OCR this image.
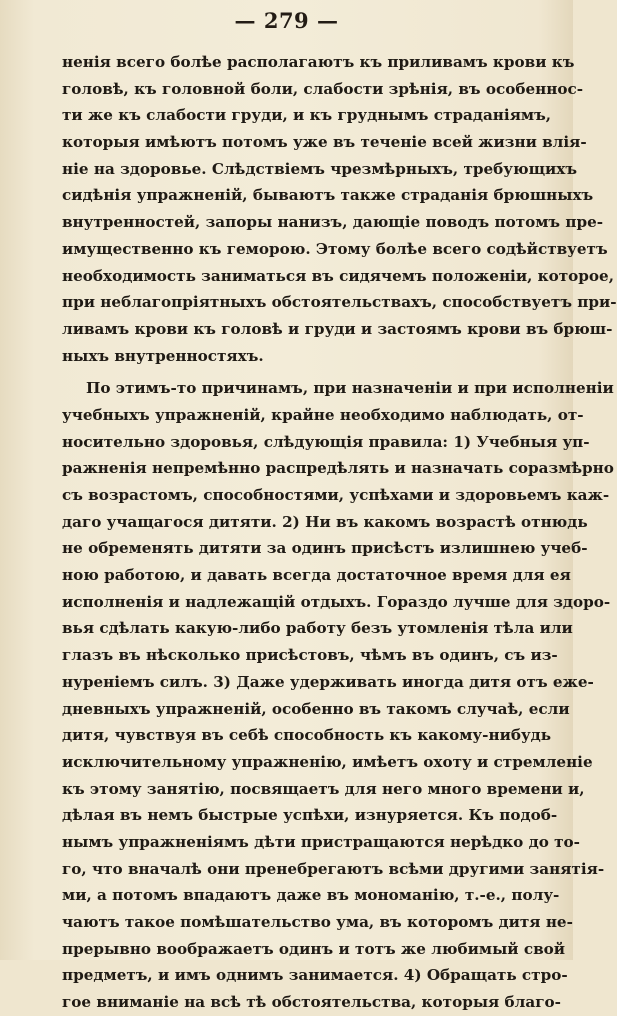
— 279 —
ненія всего болѣе располагаютъ къ приливамъ крови къ
головѣ, къ головной боли, слабости зрѣнія, въ особеннос-
ти же къ слабости груди, и къ груднымъ страданіямъ,
которыя имѣютъ потомъ уже въ теченіе всей жизни влія-
ніе на здоровье. Слѣдствіемъ чрезмѣрныхъ, требующихъ
сидѣнія упражненій, бываютъ также страданія брюшныхъ
внутренностей, запоры нанизъ, дающіе поводъ потомъ пре-
имущественно къ геморою. Этому болѣе всего содѣйствуетъ
необходимость заниматься въ сидячемъ положеніи, которое,
при неблагопріятныхъ обстоятельствахъ, способствуетъ при-
ливамъ крови къ головѣ и груди и застоямъ крови въ брюш-
ныхъ внутренностяхъ.
По этимъ-то причинамъ, при назначеніи и при исполненіи
учебныхъ упражненій, крайне необходимо наблюдать, от-
носительно здоровья, слѣдующія правила: 1) Учебныя уп-
ражненія непремѣнно распредѣлять и назначать соразмѣрно
съ возрастомъ, способностями, успѣхами и здоровьемъ каж-
даго учащагося дитяти. 2) Ни въ какомъ возрастѣ отнюдь
не обременять дитяти за одинъ присѣстъ излишнею учеб-
ною работою, и давать всегда достаточное время для ея
исполненія и надлежащій отдыхъ. Гораздо лучше для здоро-
вья сдѣлать какую-либо работу безъ утомленія тѣла или
глазъ въ нѣсколько присѣстовъ, чѣмъ въ одинъ, съ из-
нуреніемъ силъ. 3) Даже удерживать иногда дитя отъ еже-
дневныхъ упражненій, особенно въ такомъ случаѣ, если
дитя, чувствуя въ себѣ способность къ какому-нибудь
исключительному упражненію, имѣетъ охоту и стремленіе
къ этому занятію, посвящаетъ для него много времени и,
дѣлая въ немъ быстрые успѣхи, изнуряется. Къ подоб-
нымъ упражненіямъ дѣти пристращаются нерѣдко до то-
го, что вначалѣ они пренебрегаютъ всѣми другими занятія-
ми, а потомъ впадаютъ даже въ мономанію, т.-е., полу-
чаютъ такое помѣшательство ума, въ которомъ дитя не-
прерывно воображаетъ одинъ и тотъ же любимый свой
предметъ, и имъ однимъ занимается. 4) Обращать стро-
гое вниманіе на всѣ тѣ обстоятельства, которыя благо-
